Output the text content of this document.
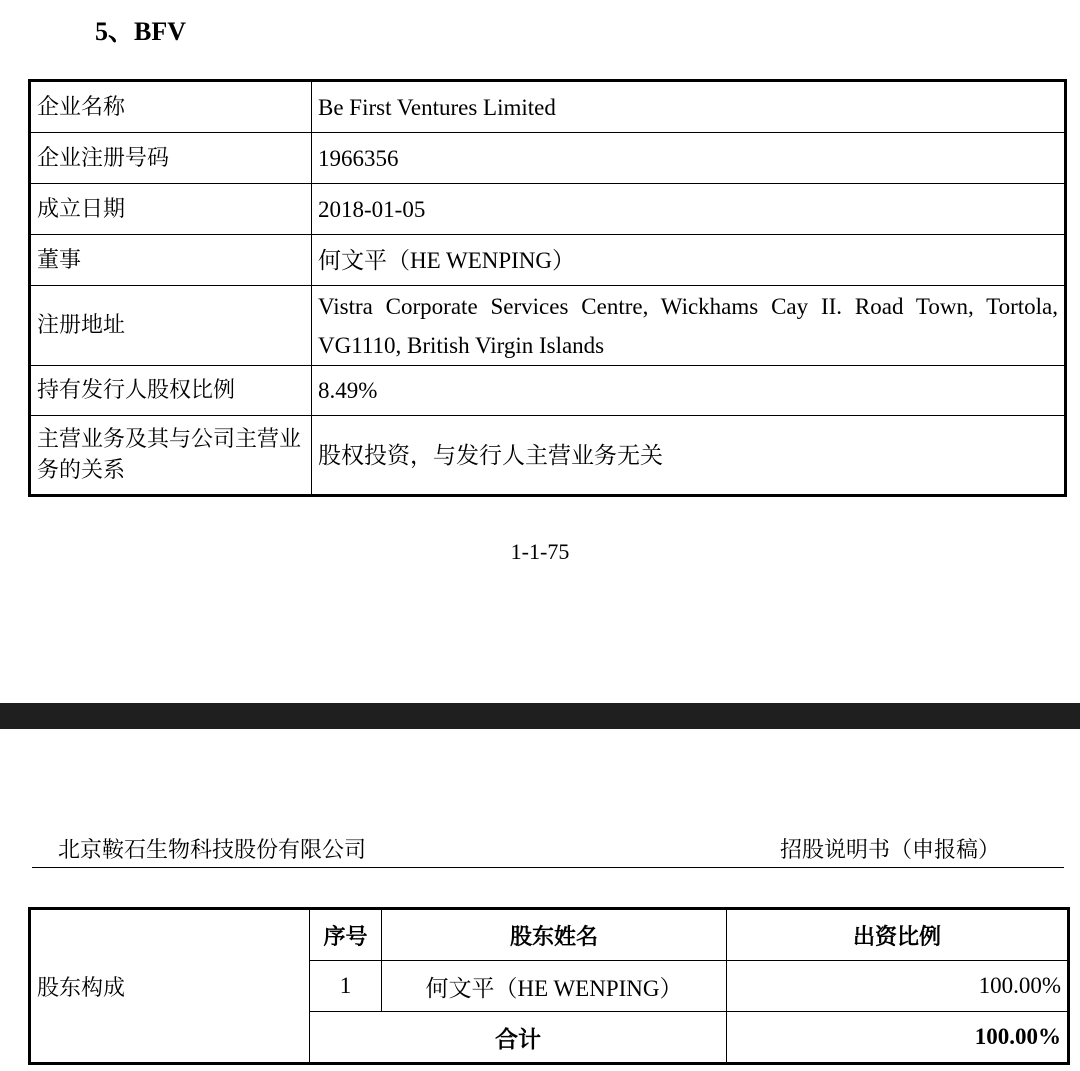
5、BFV
企业名称	Be First Ventures Limited
企业注册号码	1966356
成立日期	2018-01-05
董事	何文平（HE WENPING）
注册地址	Vistra Corporate Services Centre, Wickhams Cay II. Road Town, Tortola, VG1110, British Virgin Islands
持有发行人股权比例	8.49%
主营业务及其与公司主营业务的关系	股权投资，与发行人主营业务无关
1-1-75
北京鞍石生物科技股份有限公司	招股说明书（申报稿）
股东构成	序号	股东姓名	出资比例
	1	何文平（HE WENPING）	100.00%
	合计		100.00%
